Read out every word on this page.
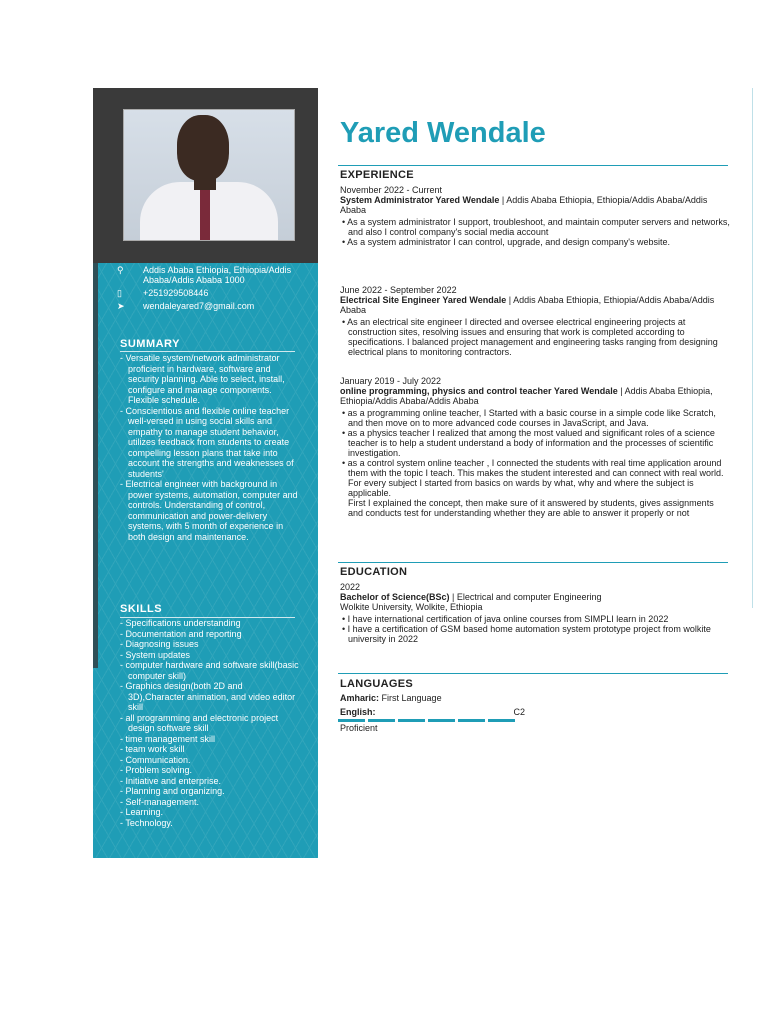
⚲	Addis Ababa Ethiopia, Ethiopia/Addis Ababa/Addis Ababa 1000
▯	+251929508446
➤	wendaleyared7@gmail.com
SUMMARY
- Versatile system/network administrator proficient in hardware, software and security planning. Able to select, install, configure and manage components. Flexible schedule.
- Conscientious and flexible online teacher well-versed in using social skills and empathy to manage student behavior, utilizes feedback from students to create compelling lesson plans that take into account the strengths and weaknesses of students'
- Electrical engineer with background in power systems, automation, computer and controls. Understanding of control, communication and power-delivery systems, with 5 month of experience in both design and maintenance.
SKILLS
- Specifications understanding
- Documentation and reporting
- Diagnosing issues
- System updates
- computer hardware and software skill(basic computer skill)
- Graphics design(both 2D and 3D),Character animation, and video editor skill
- all programming and electronic project design software skill
- time management skill
- team work skill
- Communication.
- Problem solving.
- Initiative and enterprise.
- Planning and organizing.
- Self-management.
- Learning.
- Technology.
Yared Wendale
EXPERIENCE
November 2022 - Current
System Administrator Yared Wendale | Addis Ababa Ethiopia, Ethiopia/Addis Ababa/Addis Ababa
• As a system administrator I support, troubleshoot, and maintain computer servers and networks, and also I control company's social media account
• As a system administrator I can control, upgrade, and design company's website.
June 2022 - September 2022
Electrical Site Engineer Yared Wendale | Addis Ababa Ethiopia, Ethiopia/Addis Ababa/Addis Ababa
• As an electrical site engineer I directed and oversee electrical engineering projects at construction sites, resolving issues and ensuring that work is completed according to specifications. I balanced project management and engineering tasks ranging from designing electrical plans to monitoring contractors.
January 2019 - July 2022
online programming, physics and control teacher Yared Wendale | Addis Ababa Ethiopia, Ethiopia/Addis Ababa/Addis Ababa
• as a programming online teacher, I Started with a basic course in a simple code like Scratch, and then move on to more advanced code courses in JavaScript, and Java.
• as a physics teacher I realized that among the most valued and significant roles of a science teacher is to help a student understand a body of information and the processes of scientific investigation.
• as a control system online teacher , I connected the students with real time application around them with the topic I teach. This makes the student interested and can connect with real world. For every subject I started from basics on wards by what, why and where the subject is applicable.
First I explained the concept, then make sure of it answered by students, gives assignments and conducts test for understanding whether they are able to answer it properly or not
EDUCATION
2022
Bachelor of Science(BSc) | Electrical and computer Engineering
Wolkite University, Wolkite, Ethiopia
• I have international certification of java online courses from SIMPLI learn in 2022
• I have a certification of GSM based home automation system prototype project from wolkite university in 2022
LANGUAGES
Amharic: First Language
English:	C2
Proficient
